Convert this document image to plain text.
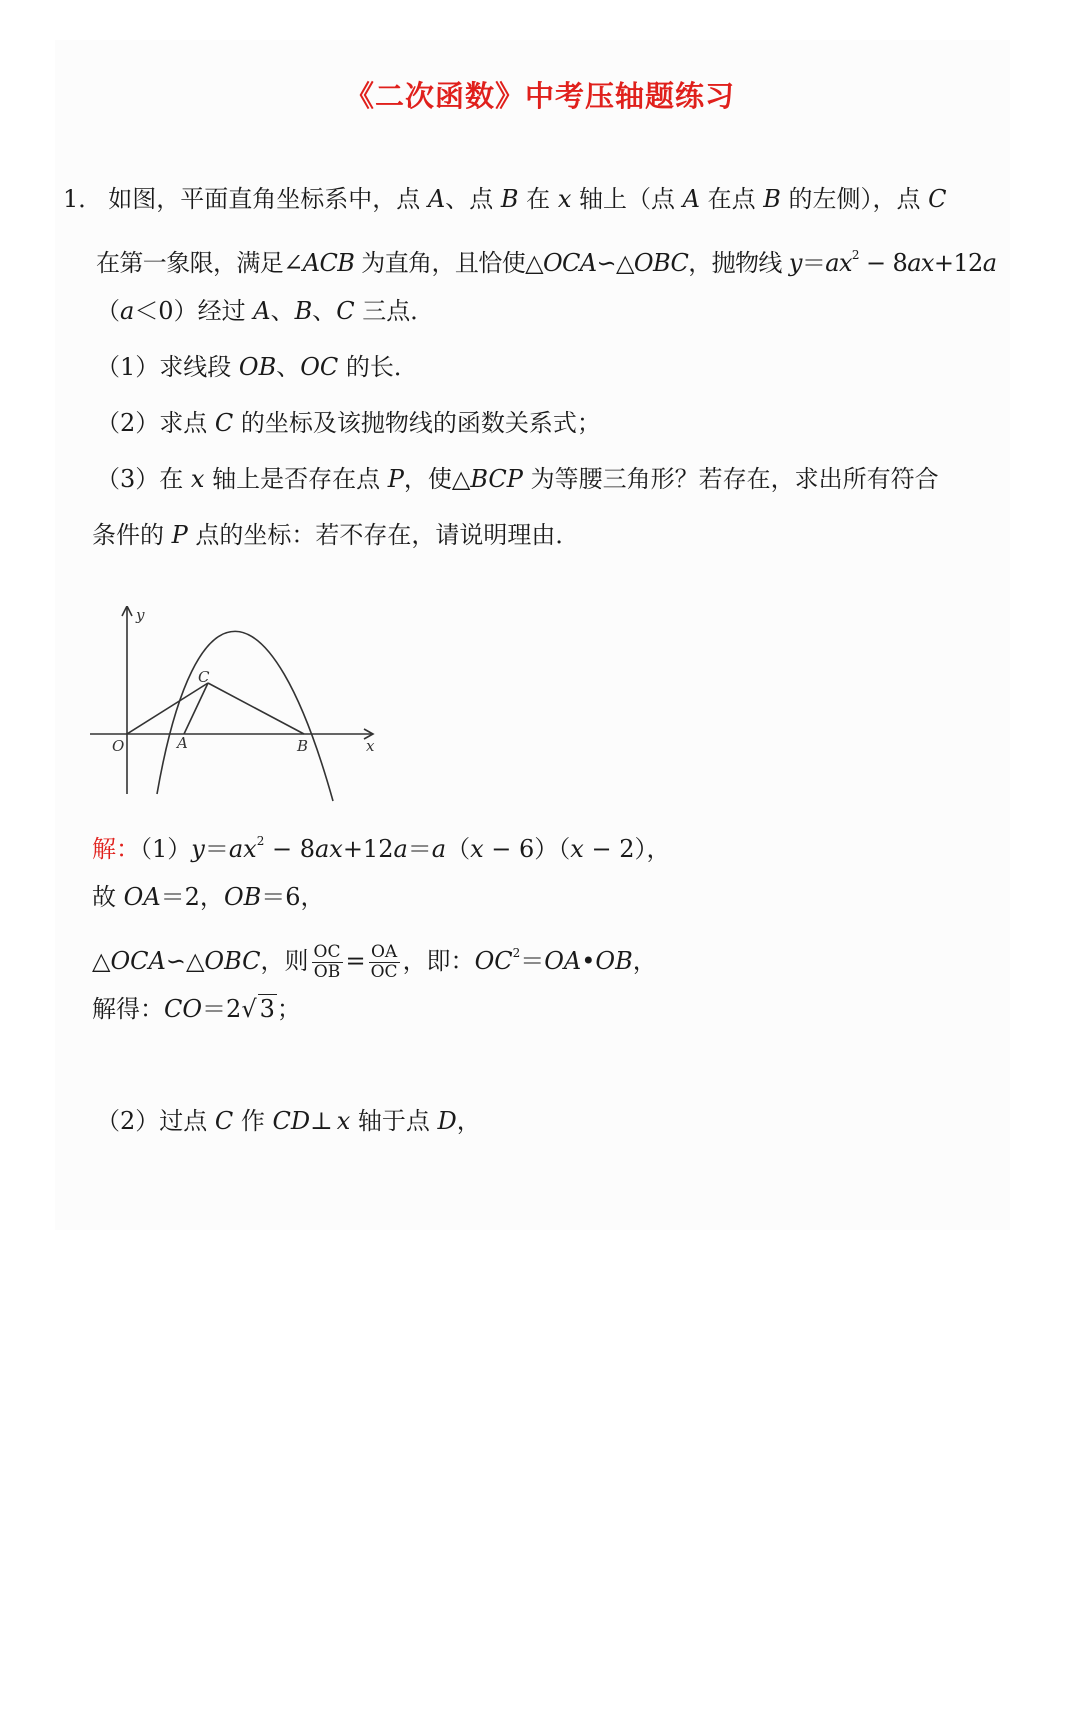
《二次函数》中考压轴题练习
1． 如图，平面直角坐标系中，点 A、点 B 在 x 轴上（点 A 在点 B 的左侧），点 C
在第一象限，满足∠ACB 为直角，且恰使△OCA∽△OBC，抛物线 $y=ax^2 - 8ax+12a$
（a＜0）经过 A、B、C 三点．
（1）求线段 OB、OC 的长．
（2）求点 C 的坐标及该抛物线的函数关系式；
（3）在 x 轴上是否存在点 P，使△BCP 为等腰三角形？若存在，求出所有符合
条件的 P 点的坐标：若不存在，请说明理由．
y
x
O	A	B
C
解：$(1)y=ax^2 - 8ax+12a=a(x - 6)(x - 2)$，
故 OA＝2，OB＝6，
△OCA∽△OBC，则 $\frac{OC}{OB} = \frac{OA}{OC}$ ，即：$OC^2=OA•OB$，
解得：CO＝2√ 3；
（2）过点 C 作 CD⊥ x 轴于点 D，
